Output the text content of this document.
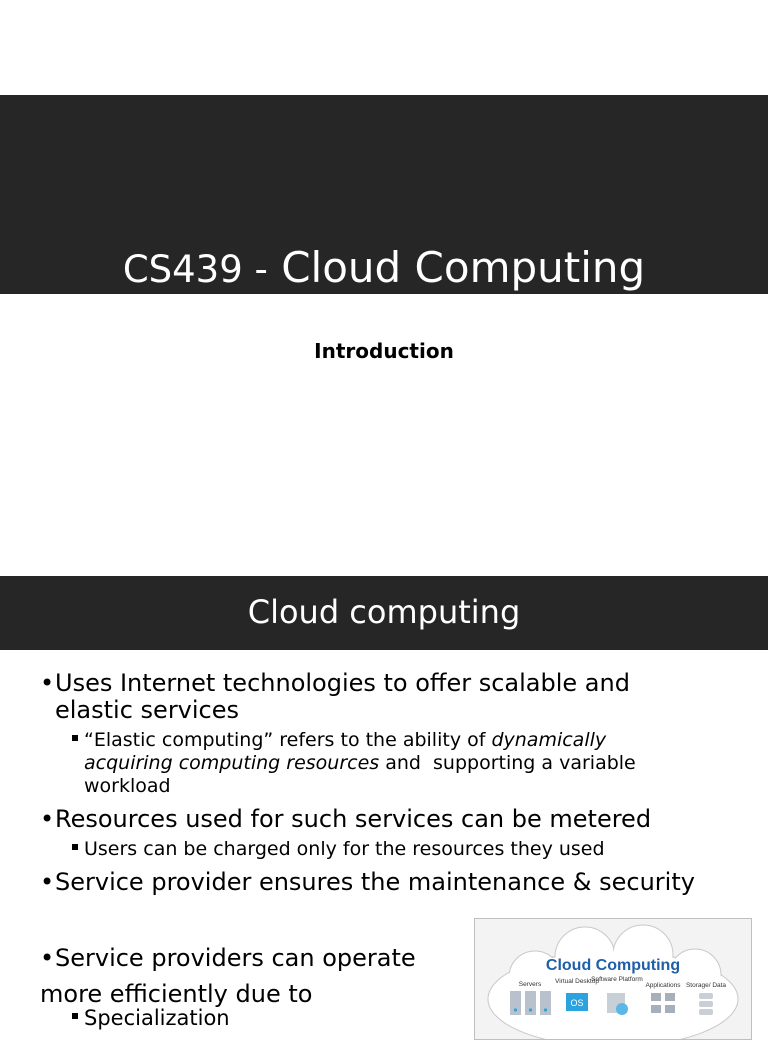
CS439 - Cloud Computing
Introduction
Cloud computing
• Uses Internet technologies to offer scalable and
elastic services
“Elastic computing” refers to the ability of dynamically
acquiring computing resources and  supporting a variable
workload
• Resources used for such services can be metered
Users can be charged only for the resources they used
• Service provider ensures the maintenance & security
• Service providers can operate
more efficiently due to
Specialization
Cloud Computing
Servers Virtual Desktop
Software Platform
Applications Storage/ Data
OS
